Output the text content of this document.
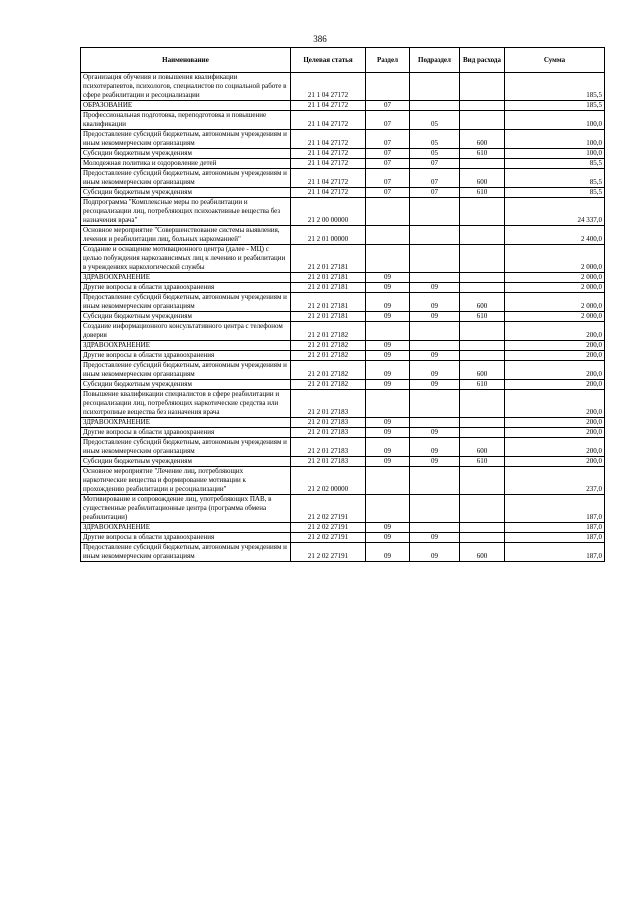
386
Наименование	Целевая статья	Раздел	Подраздел	Вид расхода	Сумма
Организация обучения и повышения квалификации психотерапевтов, психологов, специалистов по социальной работе в сфере реабилитации и ресоциализации	21 1 04 27172				185,5
ОБРАЗОВАНИЕ	21 1 04 27172	07			185,5
Профессиональная подготовка, переподготовка и повышение квалификации	21 1 04 27172	07	05		100,0
Предоставление субсидий бюджетным, автономным учреждениям и иным некоммерческим организациям	21 1 04 27172	07	05	600	100,0
Субсидии бюджетным учреждениям	21 1 04 27172	07	05	610	100,0
Молодежная политика и оздоровление детей	21 1 04 27172	07	07		85,5
Предоставление субсидий бюджетным, автономным учреждениям и иным некоммерческим организациям	21 1 04 27172	07	07	600	85,5
Субсидии бюджетным учреждениям	21 1 04 27172	07	07	610	85,5
Подпрограмма "Комплексные меры по реабилитации и ресоциализации лиц, потребляющих психоактивные вещества без назначения врача"	21 2 00 00000				24 337,0
Основное мероприятие "Совершенствование системы выявления, лечения и реабилитации лиц, больных наркоманией"	21 2 01 00000				2 400,0
Создание и оснащение мотивационного центра (далее - МЦ) с целью побуждения наркозависимых лиц к лечению и реабилитации в учреждениях наркологической службы	21 2 01 27181				2 000,0
ЗДРАВООХРАНЕНИЕ	21 2 01 27181	09			2 000,0
Другие вопросы в области здравоохранения	21 2 01 27181	09	09		2 000,0
Предоставление субсидий бюджетным, автономным учреждениям и иным некоммерческим организациям	21 2 01 27181	09	09	600	2 000,0
Субсидии бюджетным учреждениям	21 2 01 27181	09	09	610	2 000,0
Создание информационного консультативного центра с телефоном доверия	21 2 01 27182				200,0
ЗДРАВООХРАНЕНИЕ	21 2 01 27182	09			200,0
Другие вопросы в области здравоохранения	21 2 01 27182	09	09		200,0
Предоставление субсидий бюджетным, автономным учреждениям и иным некоммерческим организациям	21 2 01 27182	09	09	600	200,0
Субсидии бюджетным учреждениям	21 2 01 27182	09	09	610	200,0
Повышение квалификации специалистов в сфере реабилитации и ресоциализации лиц, потребляющих наркотические средства или психотропные вещества без назначения врача	21 2 01 27183				200,0
ЗДРАВООХРАНЕНИЕ	21 2 01 27183	09			200,0
Другие вопросы в области здравоохранения	21 2 01 27183	09	09		200,0
Предоставление субсидий бюджетным, автономным учреждениям и иным некоммерческим организациям	21 2 01 27183	09	09	600	200,0
Субсидии бюджетным учреждениям	21 2 01 27183	09	09	610	200,0
Основное мероприятие "Лечение лиц, потребляющих наркотические вещества и формирование мотивации к прохождению реабилитации и ресоциализации"	21 2 02 00000				237,0
Мотивирование и сопровождение лиц, употребляющих ПАВ, в существенные реабилитационные центра (программа обмена реабилитации)	21 2 02 27191				187,0
ЗДРАВООХРАНЕНИЕ	21 2 02 27191	09			187,0
Другие вопросы в области здравоохранения	21 2 02 27191	09	09		187,0
Предоставление субсидий бюджетным, автономным учреждениям и иным некоммерческим организациям	21 2 02 27191	09	09	600	187,0
